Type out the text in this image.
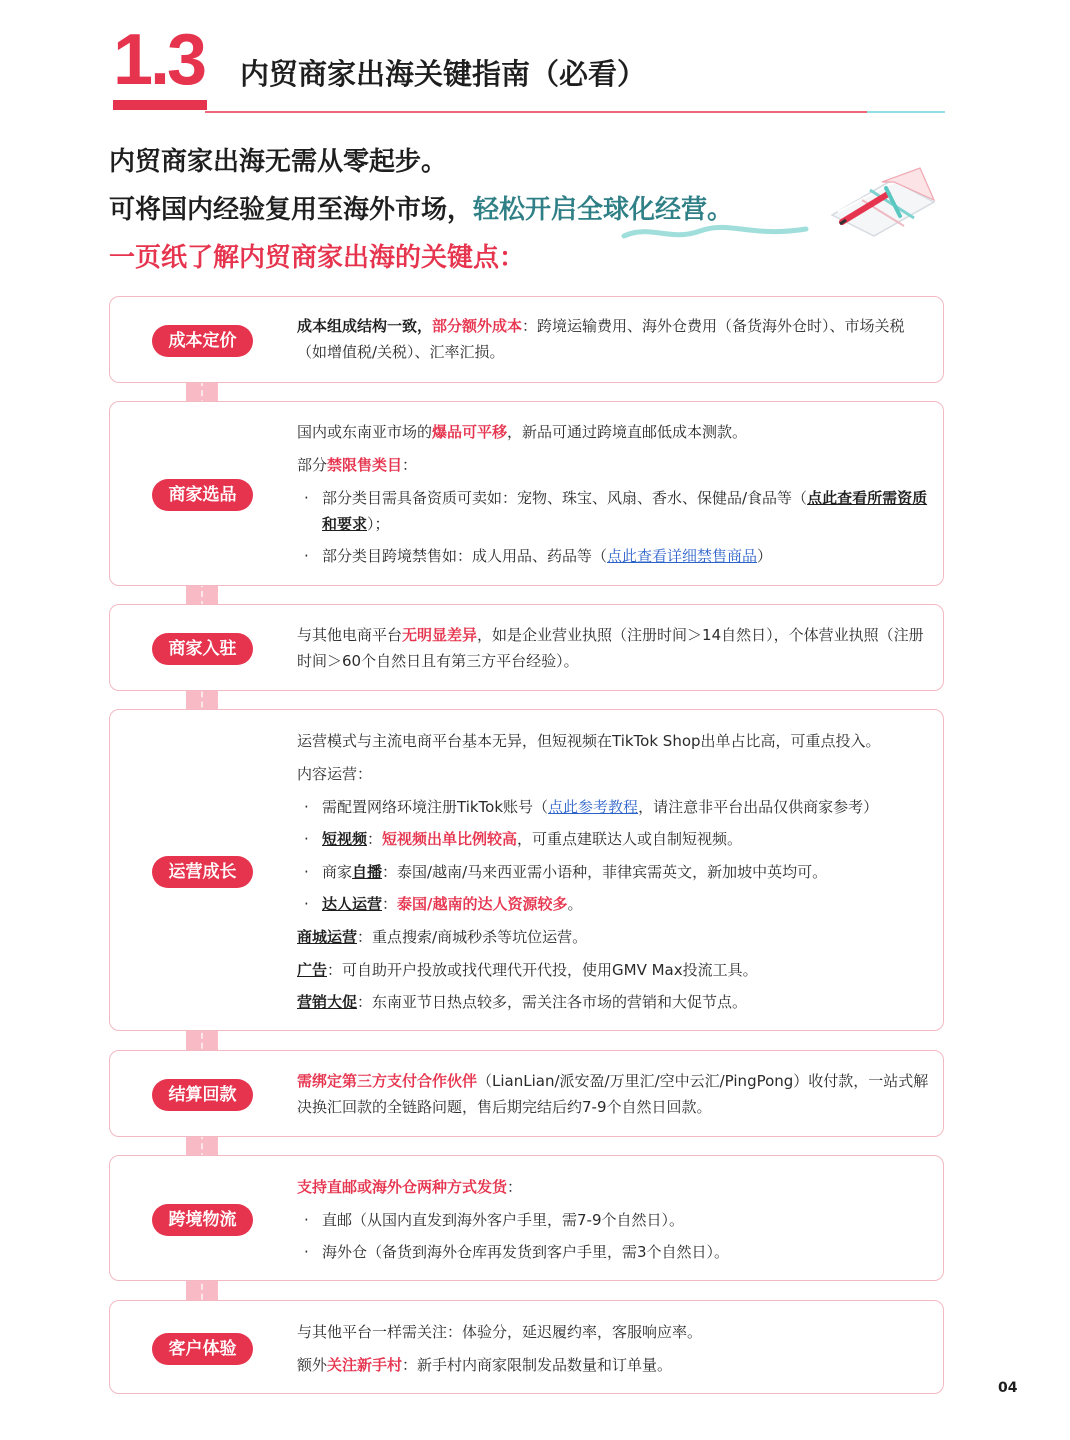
1.3 内贸商家出海关键指南（必看）
内贸商家出海无需从零起步。
可将国内经验复用至海外市场，轻松开启全球化经营。
一页纸了解内贸商家出海的关键点：
成本定价
成本组成结构一致，部分额外成本：跨境运输费用、海外仓费用（备货海外仓时）、市场关税（如增值税/关税）、汇率汇损。
商家选品
国内或东南亚市场的爆品可平移，新品可通过跨境直邮低成本测款。
部分禁限售类目：
· 部分类目需具备资质可卖如：宠物、珠宝、风扇、香水、保健品/食品等（点此查看所需资质和要求）；
· 部分类目跨境禁售如：成人用品、药品等（点此查看详细禁售商品）
商家入驻
与其他电商平台无明显差异，如是企业营业执照（注册时间＞14自然日），个体营业执照（注册时间＞60个自然日且有第三方平台经验）。
运营成长
运营模式与主流电商平台基本无异，但短视频在TikTok Shop出单占比高，可重点投入。
内容运营：
· 需配置网络环境注册TikTok账号（点此参考教程，请注意非平台出品仅供商家参考）
· 短视频：短视频出单比例较高，可重点建联达人或自制短视频。
· 商家自播：泰国/越南/马来西亚需小语种，菲律宾需英文，新加坡中英均可。
· 达人运营：泰国/越南的达人资源较多。
商城运营：重点搜索/商城秒杀等坑位运营。
广告：可自助开户投放或找代理代开代投，使用GMV Max投流工具。
营销大促：东南亚节日热点较多，需关注各市场的营销和大促节点。
结算回款
需绑定第三方支付合作伙伴（LianLian/派安盈/万里汇/空中云汇/PingPong）收付款，一站式解决换汇回款的全链路问题，售后期完结后约7-9个自然日回款。
跨境物流
支持直邮或海外仓两种方式发货：
· 直邮（从国内直发到海外客户手里，需7-9个自然日）。
· 海外仓（备货到海外仓库再发货到客户手里，需3个自然日）。
客户体验
与其他平台一样需关注：体验分，延迟履约率，客服响应率。
额外关注新手村：新手村内商家限制发品数量和订单量。
04
